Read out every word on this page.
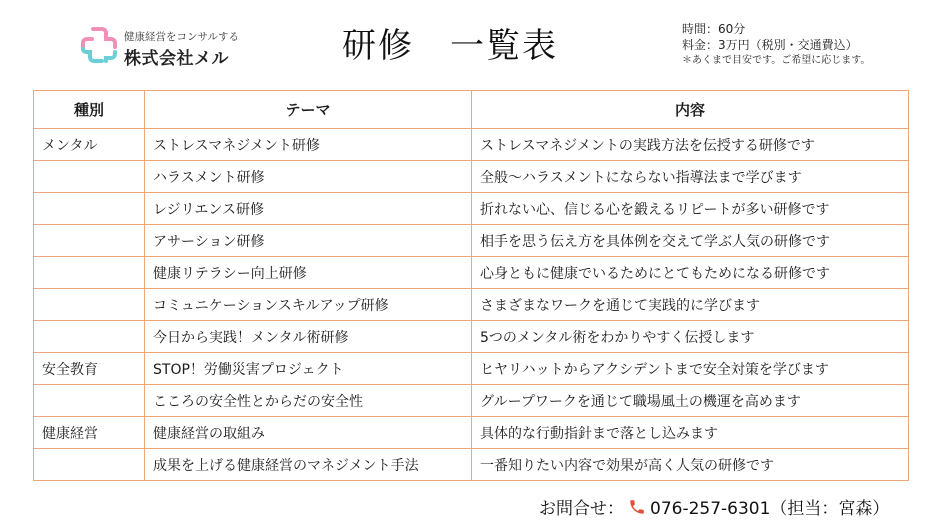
健康経営をコンサルする
株式会社メル	研修　一覧表	時間：60分
料金：3万円（税別・交通費込）
＊あくまで目安です。ご希望に応じます。
種別	テーマ	内容
メンタル	ストレスマネジメント研修	ストレスマネジメントの実践方法を伝授する研修です
	ハラスメント研修	全般～ハラスメントにならない指導法まで学びます
	レジリエンス研修	折れない心、信じる心を鍛えるリピートが多い研修です
	アサーション研修	相手を思う伝え方を具体例を交えて学ぶ人気の研修です
	健康リテラシー向上研修	心身ともに健康でいるためにとてもためになる研修です
	コミュニケーションスキルアップ研修	さまざまなワークを通じて実践的に学びます
	今日から実践！メンタル術研修	5つのメンタル術をわかりやすく伝授します
安全教育	STOP！労働災害プロジェクト	ヒヤリハットからアクシデントまで安全対策を学びます
	こころの安全性とからだの安全性	グループワークを通じて職場風土の機運を高めます
健康経営	健康経営の取組み	具体的な行動指針まで落とし込みます
	成果を上げる健康経営のマネジメント手法	一番知りたい内容で効果が高く人気の研修です
お問合せ： 076-257-6301（担当：宮森）
